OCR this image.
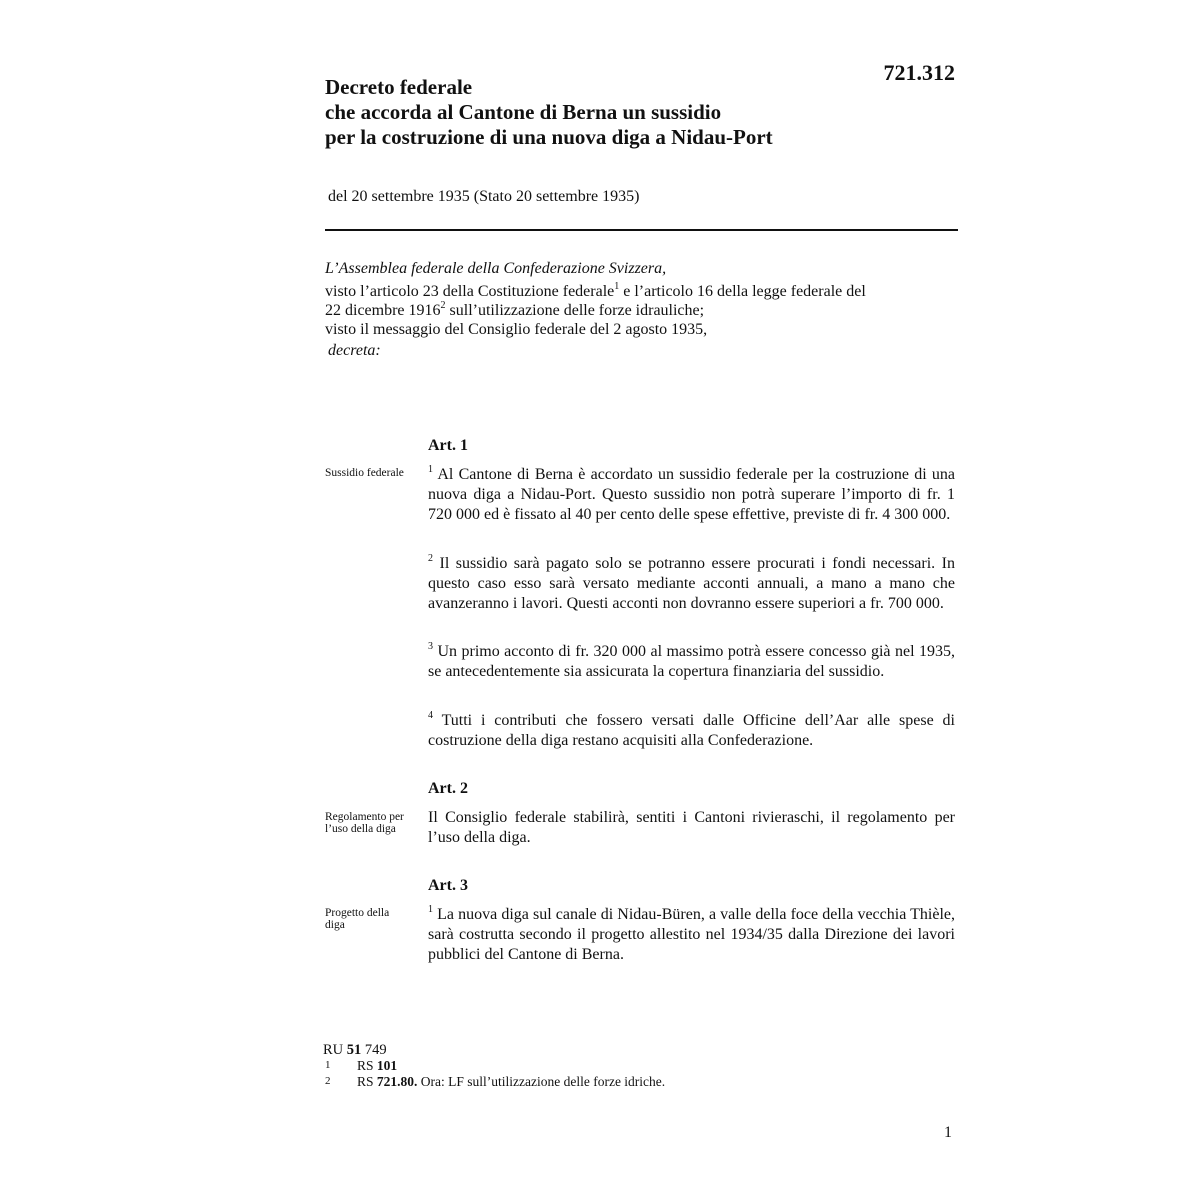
721.312
Decreto federale
che accorda al Cantone di Berna un sussidio
per la costruzione di una nuova diga a Nidau-Port
del 20 settembre 1935 (Stato 20 settembre 1935)
L’Assemblea federale della Confederazione Svizzera,
visto l’articolo 23 della Costituzione federale$^1$ e l’articolo 16 della legge federale del
22 dicembre 1916$^2$ sull’utilizzazione delle forze idrauliche;
visto il messaggio del Consiglio federale del 2 agosto 1935,
decreta:
Art. 1
Sussidio federale	$^1$ Al Cantone di Berna è accordato un sussidio federale per la costruzione di una nuova diga a Nidau-Port. Questo sussidio non potrà superare l’importo di fr. 1 720 000 ed è fissato al 40 per cento delle spese effettive, previste di fr. 4 300 000.
$^2$ Il sussidio sarà pagato solo se potranno essere procurati i fondi necessari. In questo caso esso sarà versato mediante acconti annuali, a mano a mano che avanzeranno i lavori. Questi acconti non dovranno essere superiori a fr. 700 000.
$^3$ Un primo acconto di fr. 320 000 al massimo potrà essere concesso già nel 1935, se antecedentemente sia assicurata la copertura finanziaria del sussidio.
$^4$ Tutti i contributi che fossero versati dalle Officine dell’Aar alle spese di costruzione della diga restano acquisiti alla Confederazione.
Art. 2
Regolamento per
l’uso della diga
Il Consiglio federale stabilirà, sentiti i Cantoni rivieraschi, il regolamento per l’uso della diga.
Art. 3
Progetto della
diga
$^1$ La nuova diga sul canale di Nidau-Büren, a valle della foce della vecchia Thièle, sarà costrutta secondo il progetto allestito nel 1934/35 dalla Direzione dei lavori pubblici del Cantone di Berna.
RU 51 749
1 RS 101
2 RS 721.80. Ora: LF sull’utilizzazione delle forze idriche.
1
